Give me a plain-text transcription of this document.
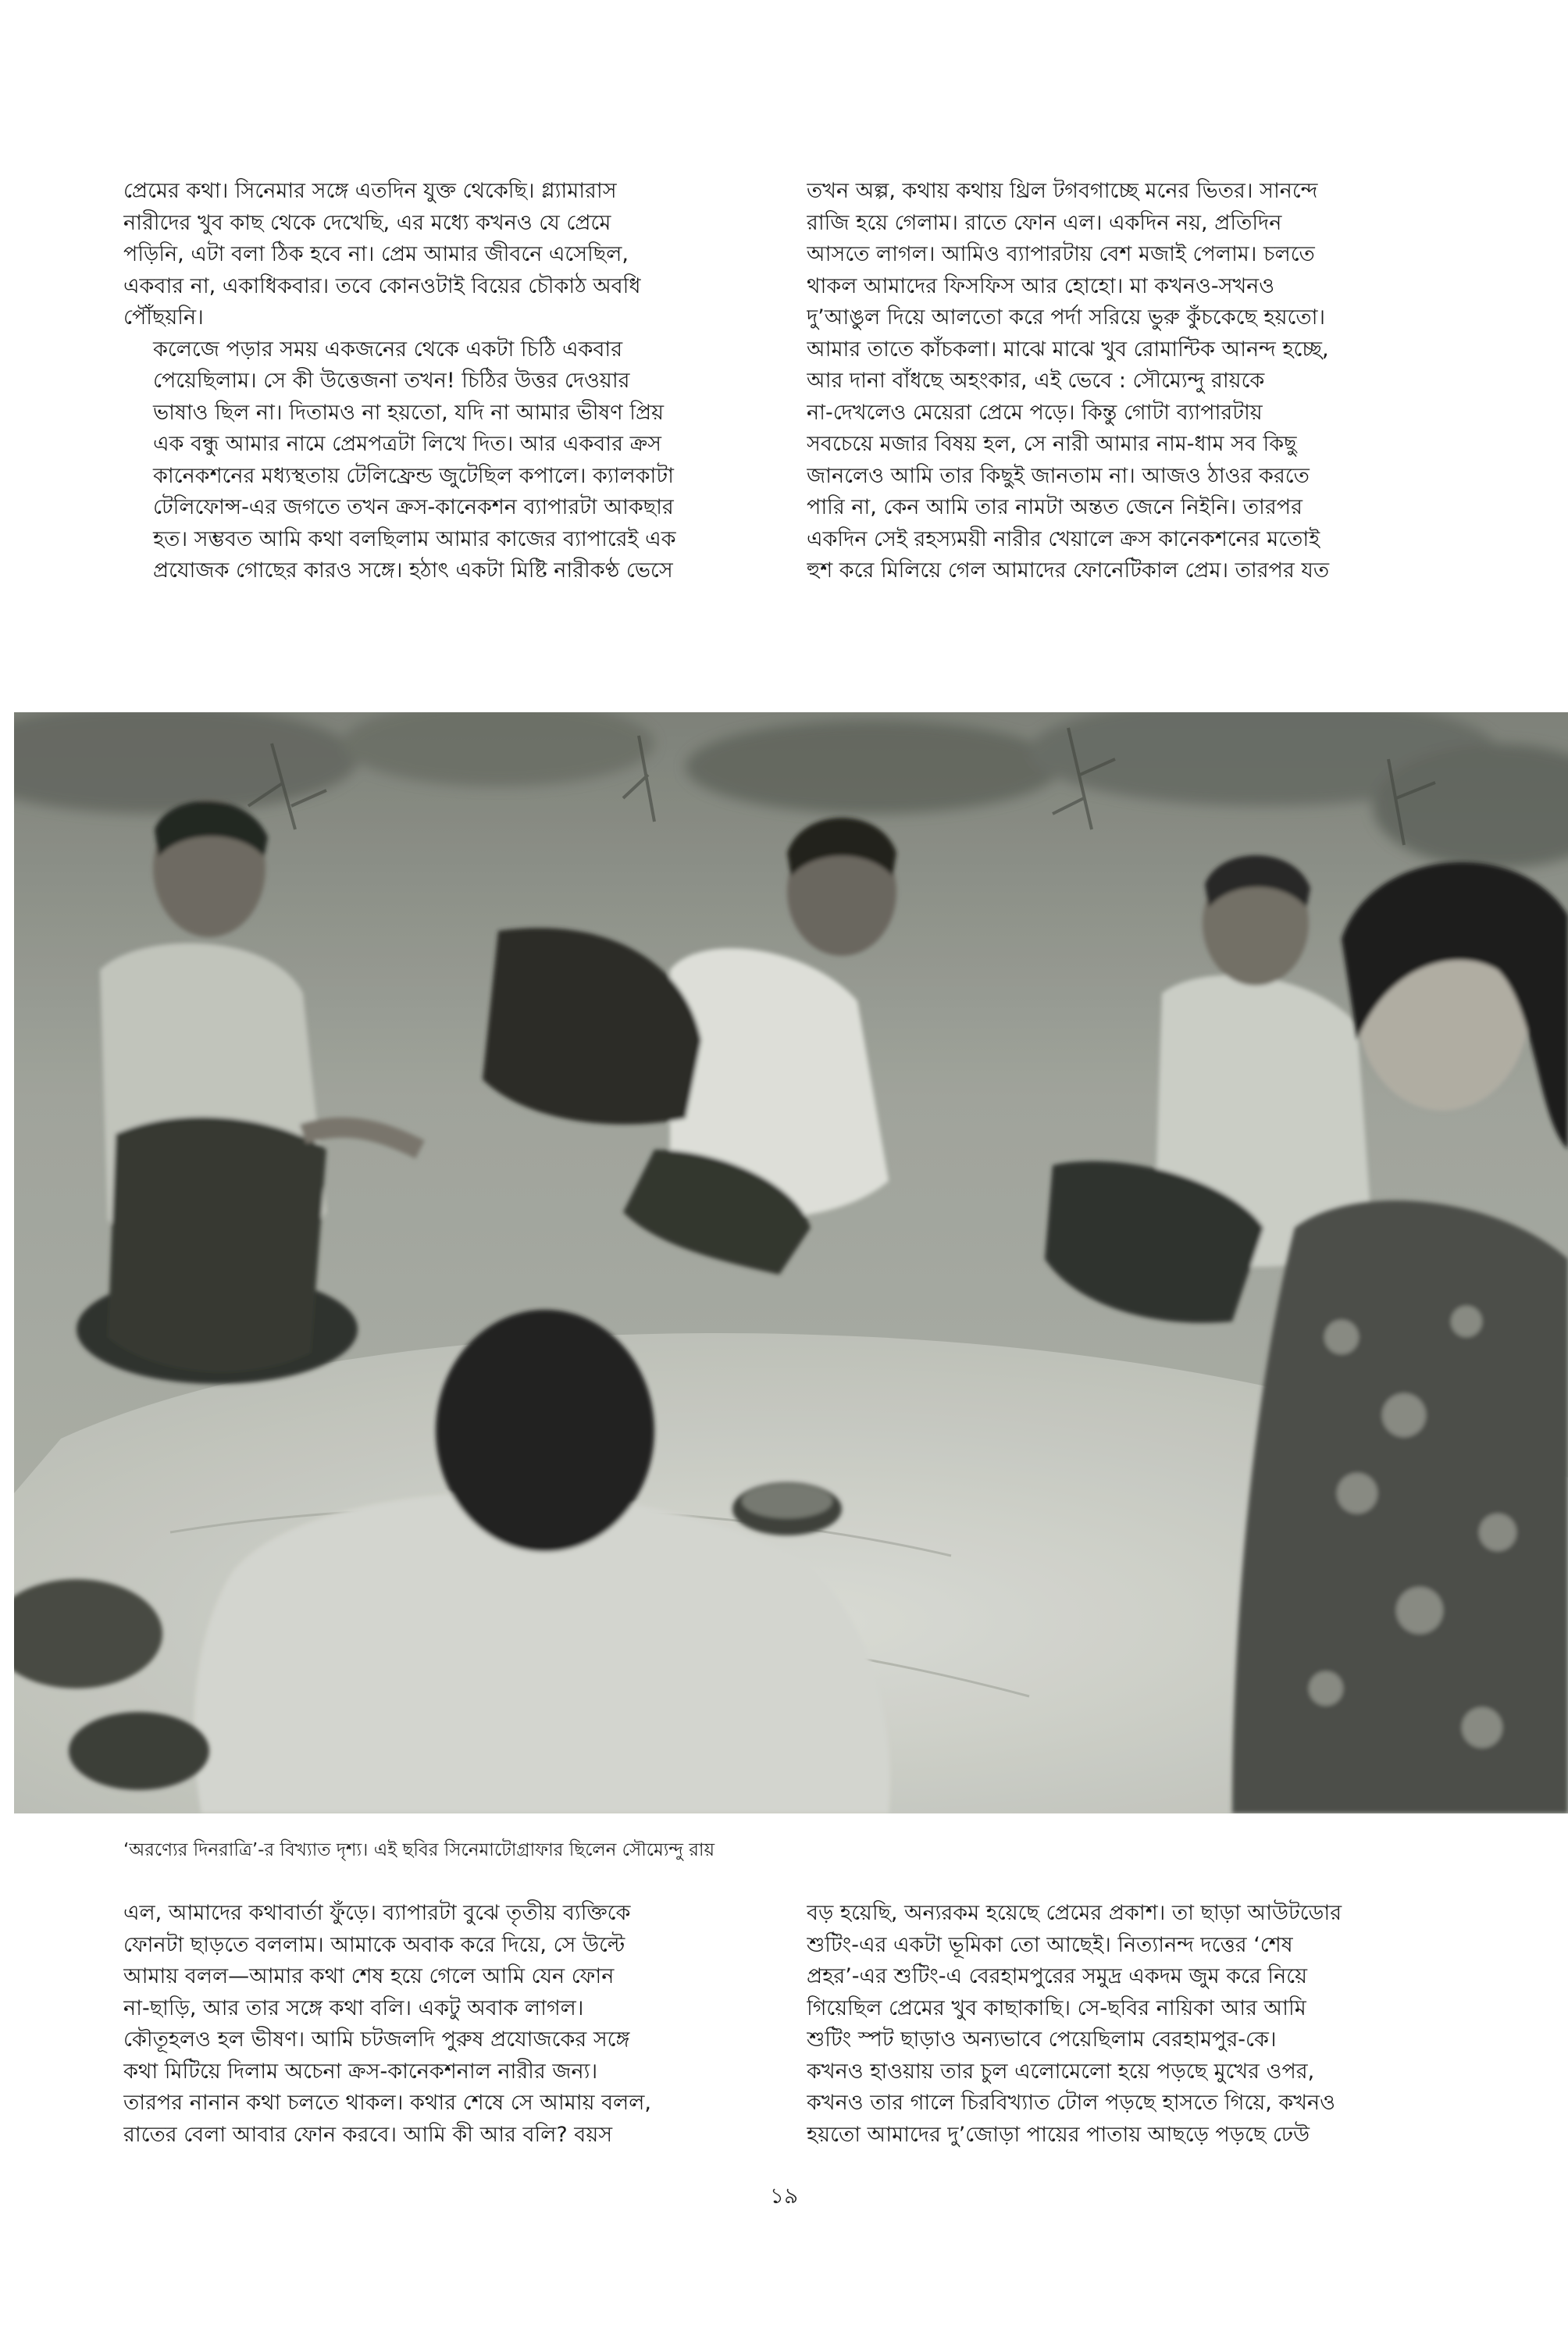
প্রেমের কথা। সিনেমার সঙ্গে এতদিন যুক্ত থেকেছি। গ্ল্যামারাস
নারীদের খুব কাছ থেকে দেখেছি, এর মধ্যে কখনও যে প্রেমে
পড়িনি, এটা বলা ঠিক হবে না। প্রেম আমার জীবনে এসেছিল,
একবার না, একাধিকবার। তবে কোনওটাই বিয়ের চৌকাঠ অবধি
পৌঁছয়নি।

কলেজে পড়ার সময় একজনের থেকে একটা চিঠি একবার
পেয়েছিলাম। সে কী উত্তেজনা তখন! চিঠির উত্তর দেওয়ার
ভাষাও ছিল না। দিতামও না হয়তো, যদি না আমার ভীষণ প্রিয়
এক বন্ধু আমার নামে প্রেমপত্রটা লিখে দিত। আর একবার ক্রস
কানেকশনের মধ্যস্থতায় টেলিফ্রেন্ড জুটেছিল কপালে। ক্যালকাটা
টেলিফোন্স-এর জগতে তখন ক্রস-কানেকশন ব্যাপারটা আকছার
হত। সম্ভবত আমি কথা বলছিলাম আমার কাজের ব্যাপারেই এক
প্রযোজক গোছের কারও সঙ্গে। হঠাৎ একটা মিষ্টি নারীকণ্ঠ ভেসে

তখন অল্প, কথায় কথায় থ্রিল টগবগাচ্ছে মনের ভিতর। সানন্দে
রাজি হয়ে গেলাম। রাতে ফোন এল। একদিন নয়, প্রতিদিন
আসতে লাগল। আমিও ব্যাপারটায় বেশ মজাই পেলাম। চলতে
থাকল আমাদের ফিসফিস আর হোহো। মা কখনও-সখনও
দু’আঙুল দিয়ে আলতো করে পর্দা সরিয়ে ভুরু কুঁচকেছে হয়তো।
আমার তাতে কাঁচকলা। মাঝে মাঝে খুব রোমান্টিক আনন্দ হচ্ছে,
আর দানা বাঁধছে অহংকার, এই ভেবে : সৌম্যেন্দু রায়কে
না-দেখলেও মেয়েরা প্রেমে পড়ে। কিন্তু গোটা ব্যাপারটায়
সবচেয়ে মজার বিষয় হল, সে নারী আমার নাম-ধাম সব কিছু
জানলেও আমি তার কিছুই জানতাম না। আজও ঠাওর করতে
পারি না, কেন আমি তার নামটা অন্তত জেনে নিইনি। তারপর
একদিন সেই রহস্যময়ী নারীর খেয়ালে ক্রস কানেকশনের মতোই
হুশ করে মিলিয়ে গেল আমাদের ফোনেটিকাল প্রেম। তারপর যত

‘অরণ্যের দিনরাত্রি’-র বিখ্যাত দৃশ্য। এই ছবির সিনেমাটোগ্রাফার ছিলেন সৌম্যেন্দু রায়

এল, আমাদের কথাবার্তা ফুঁড়ে। ব্যাপারটা বুঝে তৃতীয় ব্যক্তিকে
ফোনটা ছাড়তে বললাম। আমাকে অবাক করে দিয়ে, সে উল্টে
আমায় বলল—আমার কথা শেষ হয়ে গেলে আমি যেন ফোন
না-ছাড়ি, আর তার সঙ্গে কথা বলি। একটু অবাক লাগল।
কৌতূহলও হল ভীষণ। আমি চটজলদি পুরুষ প্রযোজকের সঙ্গে
কথা মিটিয়ে দিলাম অচেনা ক্রস-কানেকশনাল নারীর জন্য।
তারপর নানান কথা চলতে থাকল। কথার শেষে সে আমায় বলল,
রাতের বেলা আবার ফোন করবে। আমি কী আর বলি? বয়স

বড় হয়েছি, অন্যরকম হয়েছে প্রেমের প্রকাশ। তা ছাড়া আউটডোর
শুটিং-এর একটা ভূমিকা তো আছেই। নিত্যানন্দ দত্তের ‘শেষ
প্রহর’-এর শুটিং-এ বেরহামপুরের সমুদ্র একদম জুম করে নিয়ে
গিয়েছিল প্রেমের খুব কাছাকাছি। সে-ছবির নায়িকা আর আমি
শুটিং স্পট ছাড়াও অন্যভাবে পেয়েছিলাম বেরহামপুর-কে।
কখনও হাওয়ায় তার চুল এলোমেলো হয়ে পড়ছে মুখের ওপর,
কখনও তার গালে চিরবিখ্যাত টোল পড়ছে হাসতে গিয়ে, কখনও
হয়তো আমাদের দু’জোড়া পায়ের পাতায় আছড়ে পড়ছে ঢেউ

১৯
